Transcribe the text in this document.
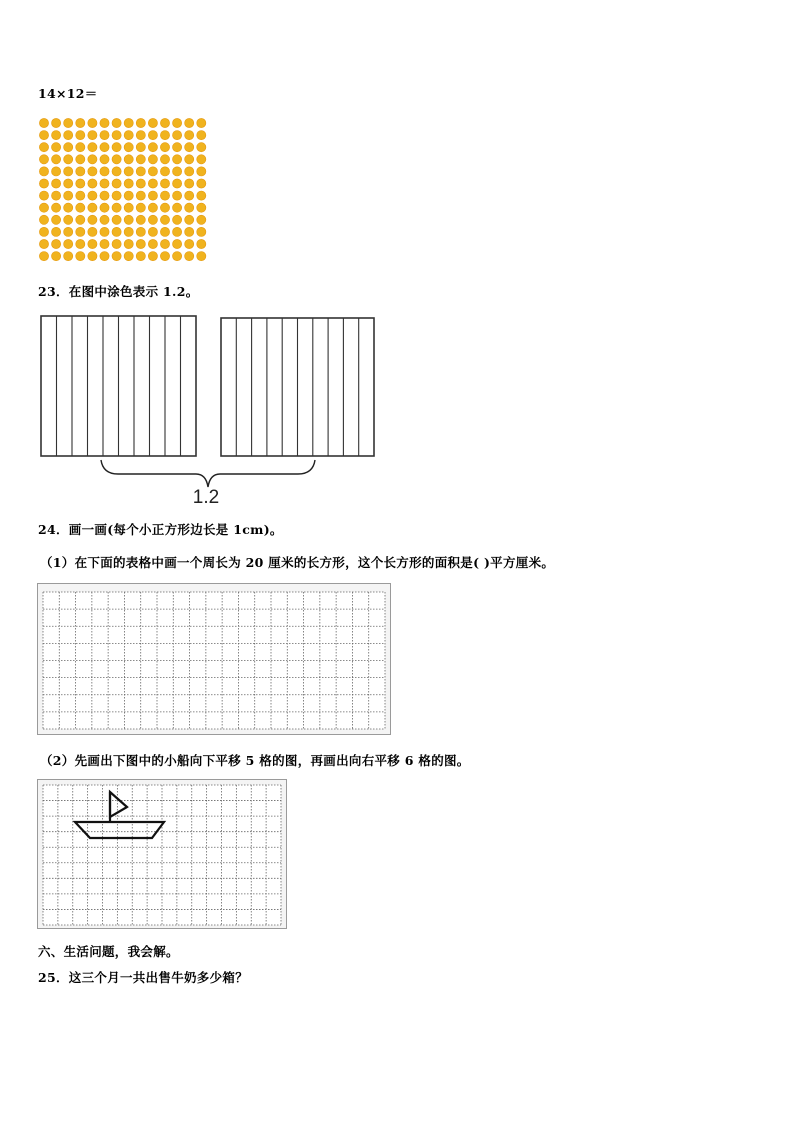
14×12＝
23．在图中涂色表示 1.2。
1.2
24．画一画(每个小正方形边长是 1cm)。
（1）在下面的表格中画一个周长为 20 厘米的长方形，这个长方形的面积是( )平方厘米。
（2）先画出下图中的小船向下平移 5 格的图，再画出向右平移 6 格的图。
六、生活问题，我会解。
25．这三个月一共出售牛奶多少箱？
